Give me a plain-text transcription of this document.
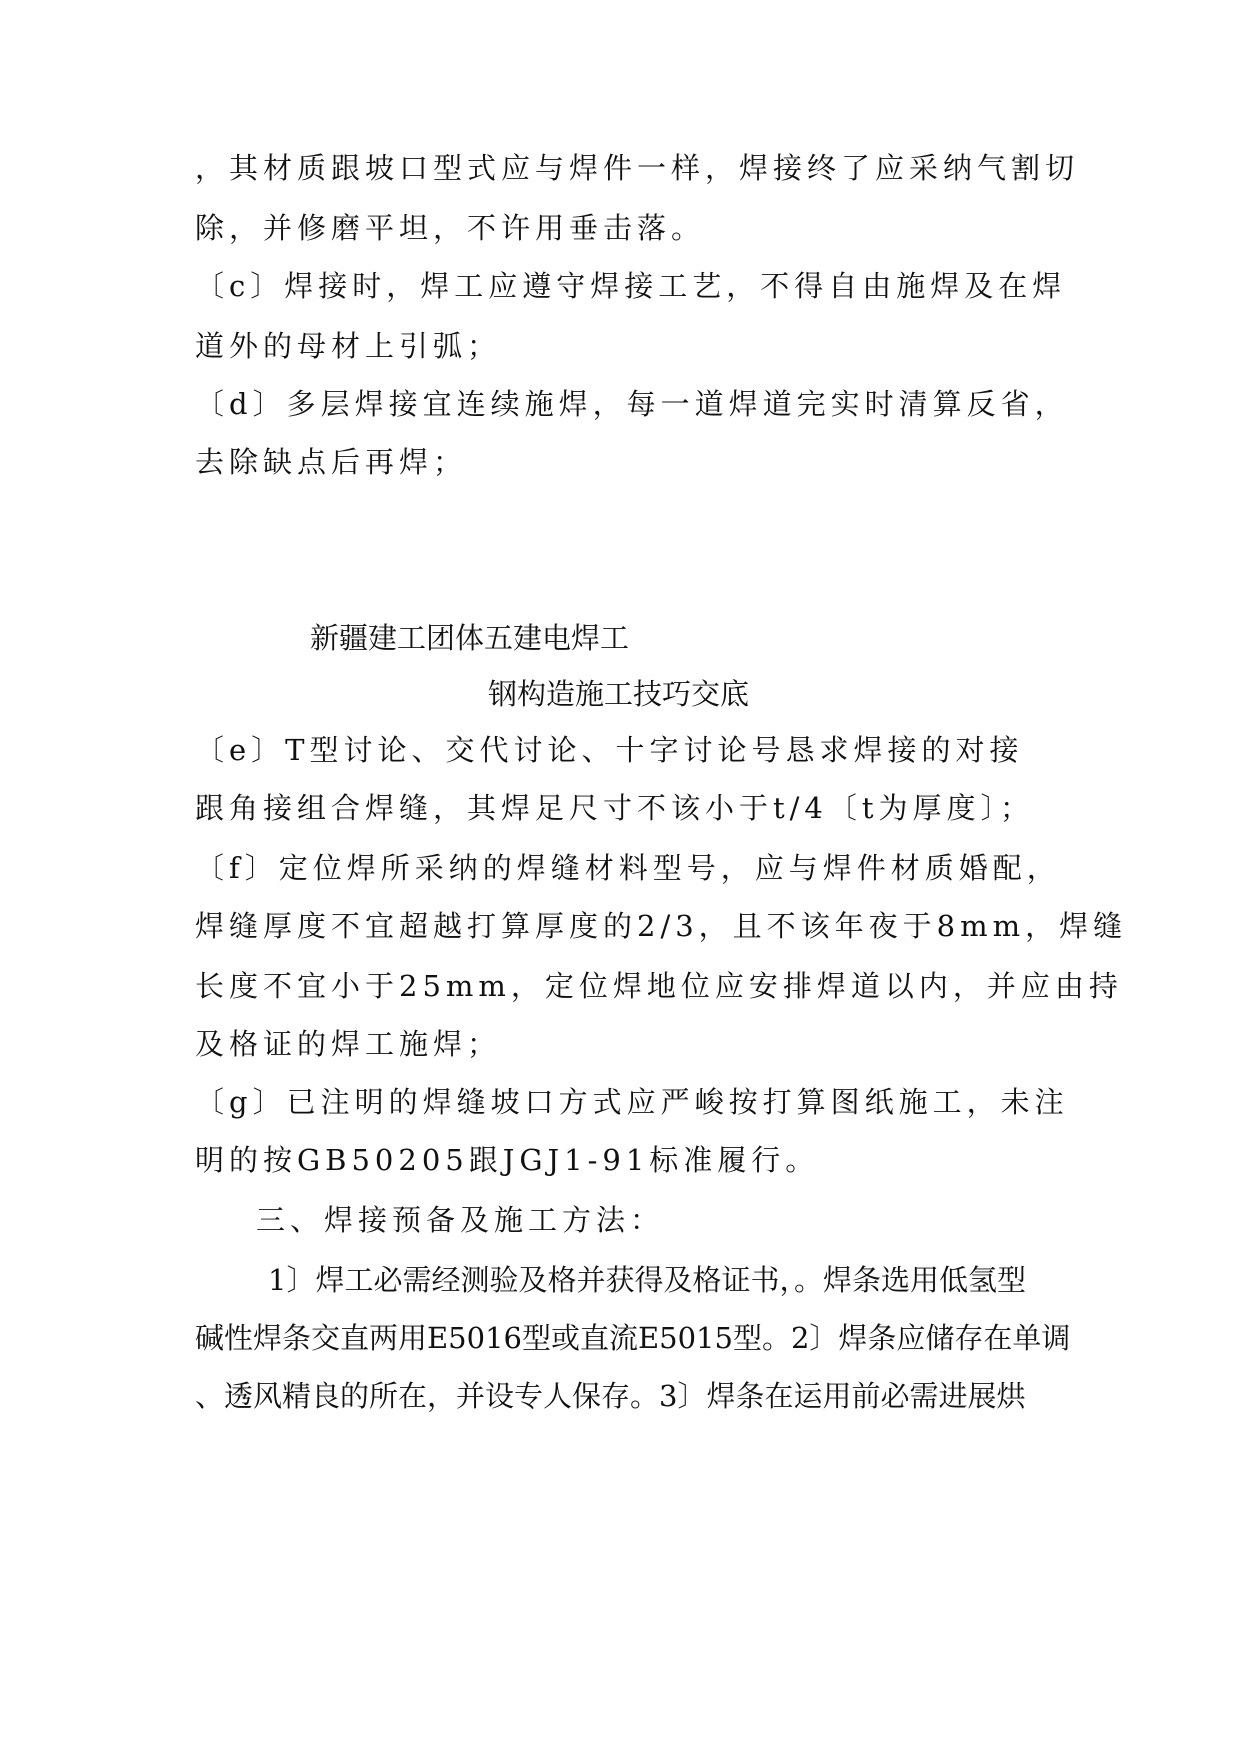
，其材质跟坡口型式应与焊件一样，焊接终了应采纳气割切
除，并修磨平坦，不许用垂击落。
〔c〕焊接时，焊工应遵守焊接工艺，不得自由施焊及在焊
道外的母材上引弧；
〔d〕多层焊接宜连续施焊，每一道焊道完实时清算反省，
去除缺点后再焊；
新疆建工团体五建电焊工
钢构造施工技巧交底
〔e〕T型讨论、交代讨论、十字讨论号恳求焊接的对接
跟角接组合焊缝，其焊足尺寸不该小于t/4〔t为厚度〕；
〔f〕定位焊所采纳的焊缝材料型号，应与焊件材质婚配，
焊缝厚度不宜超越打算厚度的2/3，且不该年夜于8mm，焊缝
长度不宜小于25mm，定位焊地位应安排焊道以内，并应由持
及格证的焊工施焊；
〔g〕已注明的焊缝坡口方式应严峻按打算图纸施工，未注
明的按GB50205跟JGJ1-91标准履行。
三、焊接预备及施工方法：
1〕焊工必需经测验及格并获得及格证书，。焊条选用低氢型
碱性焊条交直两用E5016型或直流E5015型。2〕焊条应储存在单调
、透风精良的所在，并设专人保存。3〕焊条在运用前必需进展烘
